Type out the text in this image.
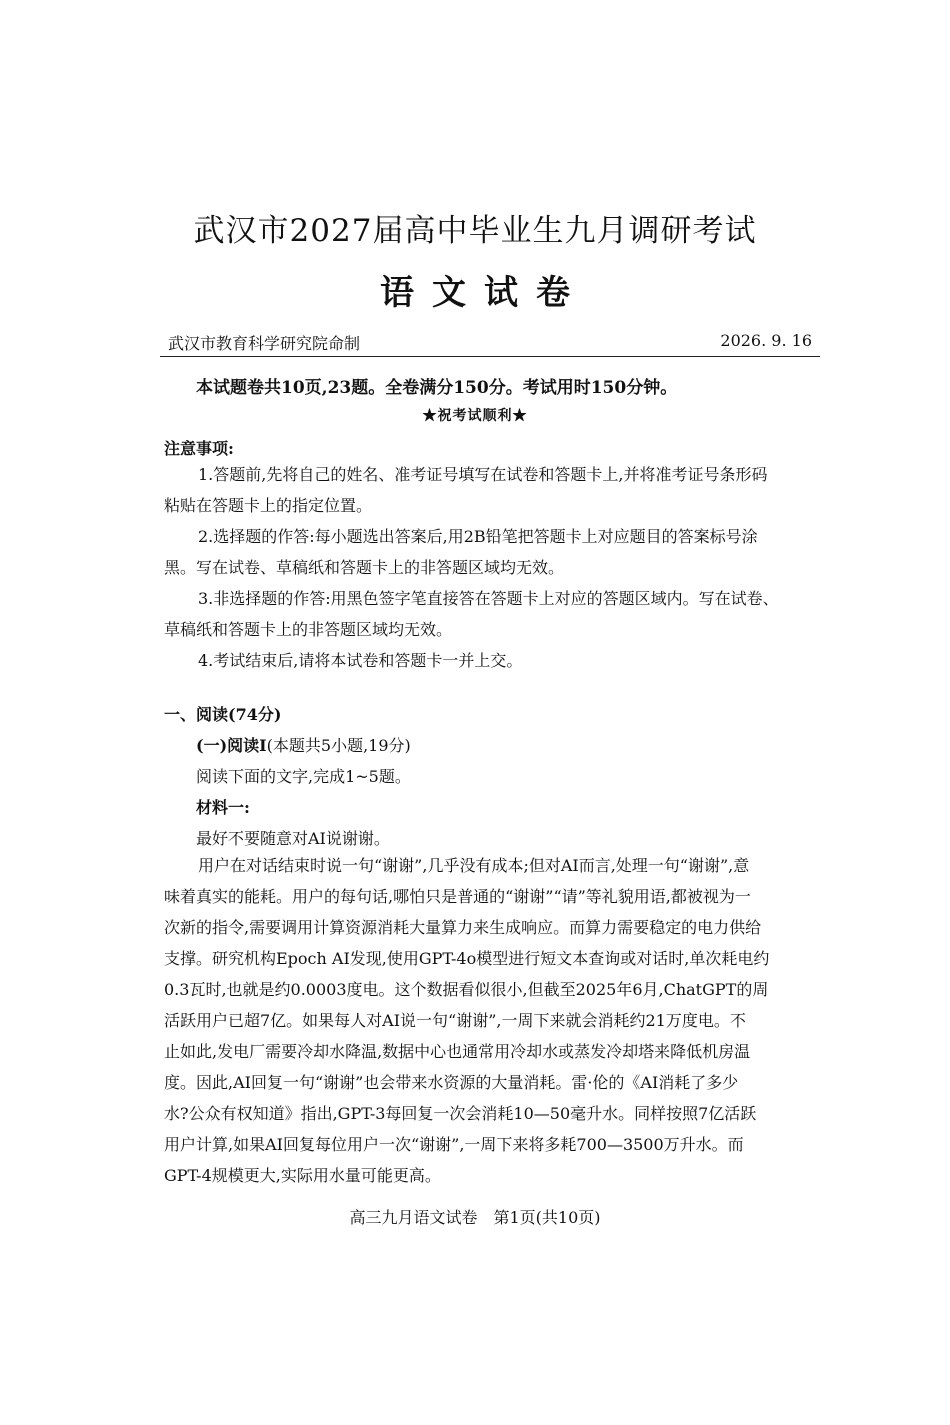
武汉市2027届高中毕业生九月调研考试
语文试卷
武汉市教育科学研究院命制	2026. 9. 16
本试题卷共10页,23题。全卷满分150分。考试用时150分钟。
★祝考试顺利★
注意事项:
1.答题前,先将自己的姓名、准考证号填写在试卷和答题卡上,并将准考证号条形码
粘贴在答题卡上的指定位置。
2.选择题的作答:每小题选出答案后,用2B铅笔把答题卡上对应题目的答案标号涂
黑。写在试卷、草稿纸和答题卡上的非答题区域均无效。
3.非选择题的作答:用黑色签字笔直接答在答题卡上对应的答题区域内。写在试卷、
草稿纸和答题卡上的非答题区域均无效。
4.考试结束后,请将本试卷和答题卡一并上交。
一、阅读(74分)
(一)阅读Ⅰ(本题共5小题,19分)
阅读下面的文字,完成1~5题。
材料一:
最好不要随意对AI说谢谢。
用户在对话结束时说一句“谢谢”,几乎没有成本;但对AI而言,处理一句“谢谢”,意
味着真实的能耗。用户的每句话,哪怕只是普通的“谢谢”“请”等礼貌用语,都被视为一
次新的指令,需要调用计算资源消耗大量算力来生成响应。而算力需要稳定的电力供给
支撑。研究机构Epoch AI发现,使用GPT-4o模型进行短文本查询或对话时,单次耗电约
0.3瓦时,也就是约0.0003度电。这个数据看似很小,但截至2025年6月,ChatGPT的周
活跃用户已超7亿。如果每人对AI说一句“谢谢”,一周下来就会消耗约21万度电。不
止如此,发电厂需要冷却水降温,数据中心也通常用冷却水或蒸发冷却塔来降低机房温
度。因此,AI回复一句“谢谢”也会带来水资源的大量消耗。雷·伦的《AI消耗了多少
水?公众有权知道》指出,GPT-3每回复一次会消耗10—50毫升水。同样按照7亿活跃
用户计算,如果AI回复每位用户一次“谢谢”,一周下来将多耗700—3500万升水。而
GPT-4规模更大,实际用水量可能更高。
高三九月语文试卷　第1页(共10页)
